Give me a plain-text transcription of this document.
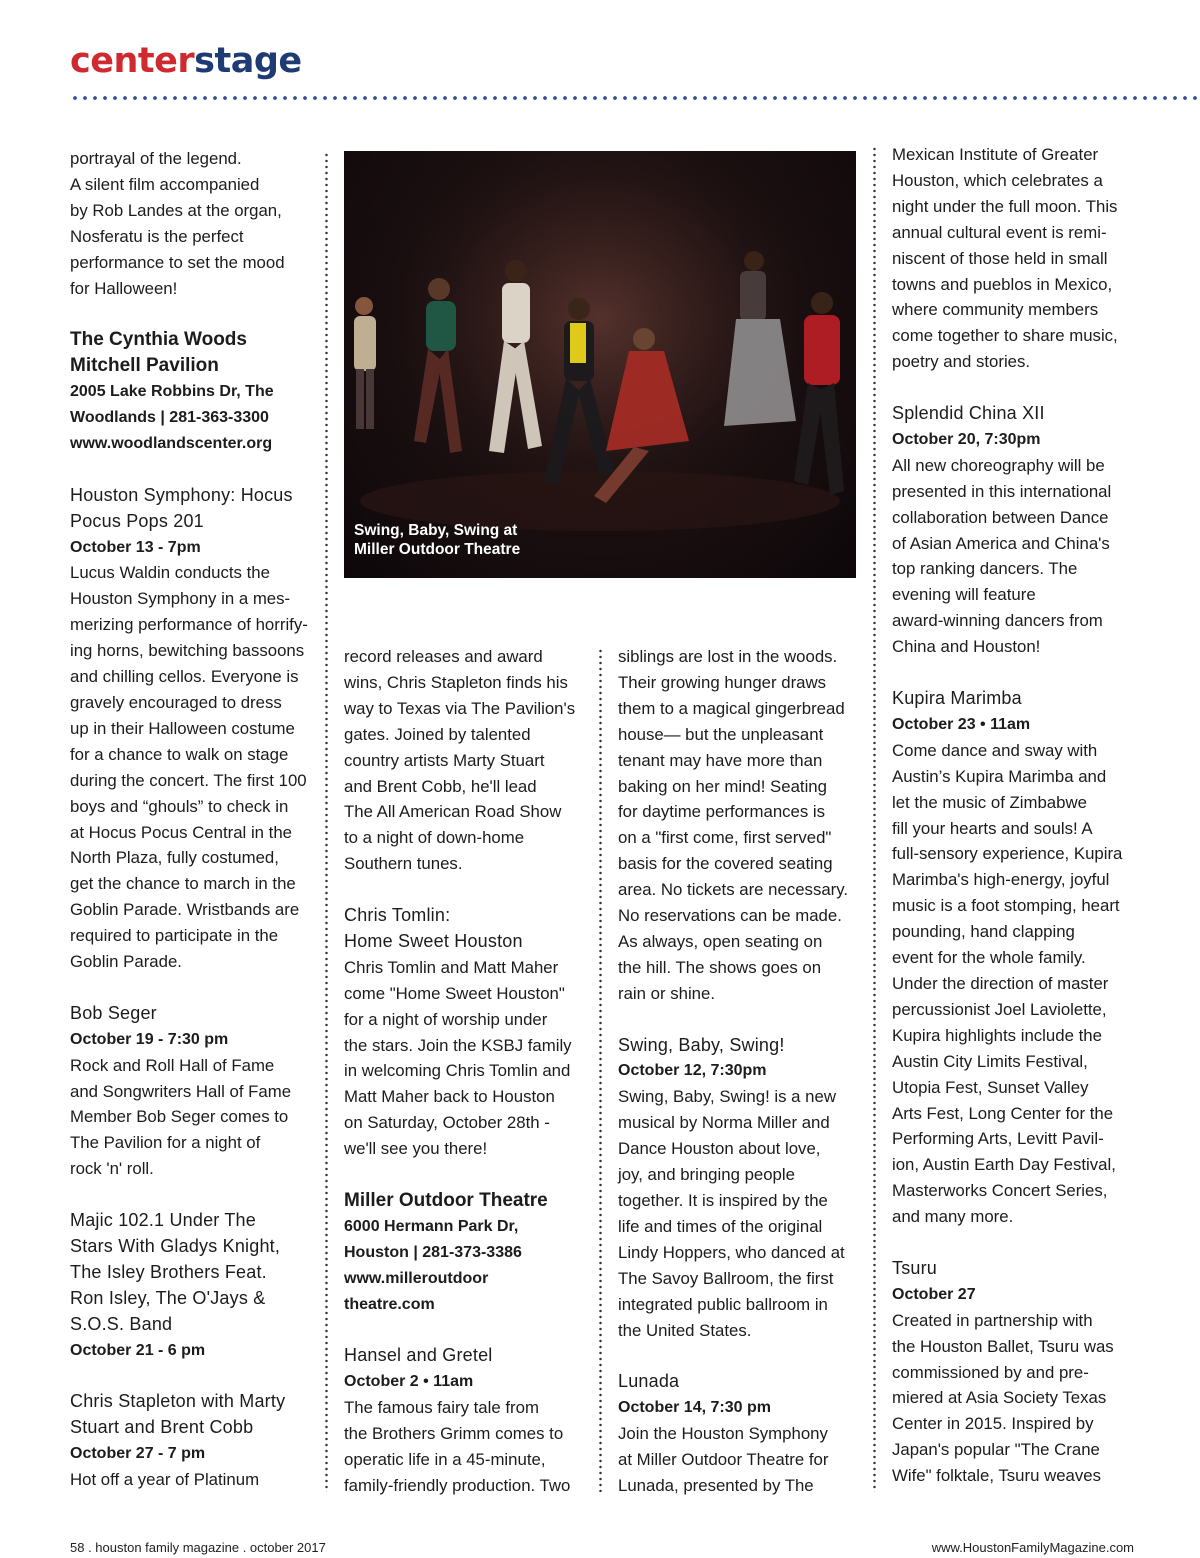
centerstage
portrayal of the legend.
A silent film accompanied
by Rob Landes at the organ,
Nosferatu is the perfect
performance to set the mood
for Halloween!
The Cynthia Woods
Mitchell Pavilion
2005 Lake Robbins Dr, The
Woodlands | 281-363-3300
www.woodlandscenter.org
Houston Symphony: Hocus
Pocus Pops 201

October 13 - 7pm

Lucus Waldin conducts the
Houston Symphony in a mes-
merizing performance of horrify-
ing horns, bewitching bassoons
and chilling cellos. Everyone is
gravely encouraged to dress
up in their Halloween costume
for a chance to walk on stage
during the concert. The first 100
boys and “ghouls” to check in
at Hocus Pocus Central in the
North Plaza, fully costumed,
get the chance to march in the
Goblin Parade. Wristbands are
required to participate in the
Goblin Parade.
Bob Seger

October 19 - 7:30 pm

Rock and Roll Hall of Fame
and Songwriters Hall of Fame
Member Bob Seger comes to
The Pavilion for a night of
rock 'n' roll.
Majic 102.1 Under The
Stars With Gladys Knight,
The Isley Brothers Feat.
Ron Isley, The O'Jays &
S.O.S. Band

October 21 - 6 pm

Chris Stapleton with Marty
Stuart and Brent Cobb

October 27 - 7 pm

Hot off a year of Platinum
Swing, Baby, Swing at
Miller Outdoor Theatre
record releases and award
wins, Chris Stapleton finds his
way to Texas via The Pavilion's
gates. Joined by talented
country artists Marty Stuart
and Brent Cobb, he'll lead
The All American Road Show
to a night of down-home
Southern tunes.
Chris Tomlin:
Home Sweet Houston
Chris Tomlin and Matt Maher
come "Home Sweet Houston"
for a night of worship under
the stars. Join the KSBJ family
in welcoming Chris Tomlin and
Matt Maher back to Houston
on Saturday, October 28th -
we'll see you there!
Miller Outdoor Theatre
6000 Hermann Park Dr,
Houston | 281-373-3386
www.milleroutdoor
theatre.com
Hansel and Gretel

October 2 • 11am

The famous fairy tale from
the Brothers Grimm comes to
operatic life in a 45-minute,
family-friendly production. Two
siblings are lost in the woods.
Their growing hunger draws
them to a magical gingerbread
house— but the unpleasant
tenant may have more than
baking on her mind! Seating
for daytime performances is
on a "first come, first served"
basis for the covered seating
area. No tickets are necessary.
No reservations can be made.
As always, open seating on
the hill. The shows goes on
rain or shine.
Swing, Baby, Swing!

October 12, 7:30pm

Swing, Baby, Swing! is a new
musical by Norma Miller and
Dance Houston about love,
joy, and bringing people
together. It is inspired by the
life and times of the original
Lindy Hoppers, who danced at
The Savoy Ballroom, the first
integrated public ballroom in
the United States.
Lunada

October 14, 7:30 pm

Join the Houston Symphony
at Miller Outdoor Theatre for
Lunada, presented by The
Mexican Institute of Greater
Houston, which celebrates a
night under the full moon. This
annual cultural event is remi-
niscent of those held in small
towns and pueblos in Mexico,
where community members
come together to share music,
poetry and stories.
Splendid China XII

October 20, 7:30pm

All new choreography will be
presented in this international
collaboration between Dance
of Asian America and China's
top ranking dancers. The
evening will feature
award-winning dancers from
China and Houston!
Kupira Marimba

October 23 • 11am

Come dance and sway with
Austin’s Kupira Marimba and
let the music of Zimbabwe
fill your hearts and souls! A
full-sensory experience, Kupira
Marimba's high-energy, joyful
music is a foot stomping, heart
pounding, hand clapping
event for the whole family.
Under the direction of master
percussionist Joel Laviolette,
Kupira highlights include the
Austin City Limits Festival,
Utopia Fest, Sunset Valley
Arts Fest, Long Center for the
Performing Arts, Levitt Pavil-
ion, Austin Earth Day Festival,
Masterworks Concert Series,
and many more.
Tsuru

October 27

Created in partnership with
the Houston Ballet, Tsuru was
commissioned by and pre-
miered at Asia Society Texas
Center in 2015. Inspired by
Japan's popular "The Crane
Wife" folktale, Tsuru weaves
58 . houston family magazine . october 2017	www.HoustonFamilyMagazine.com
